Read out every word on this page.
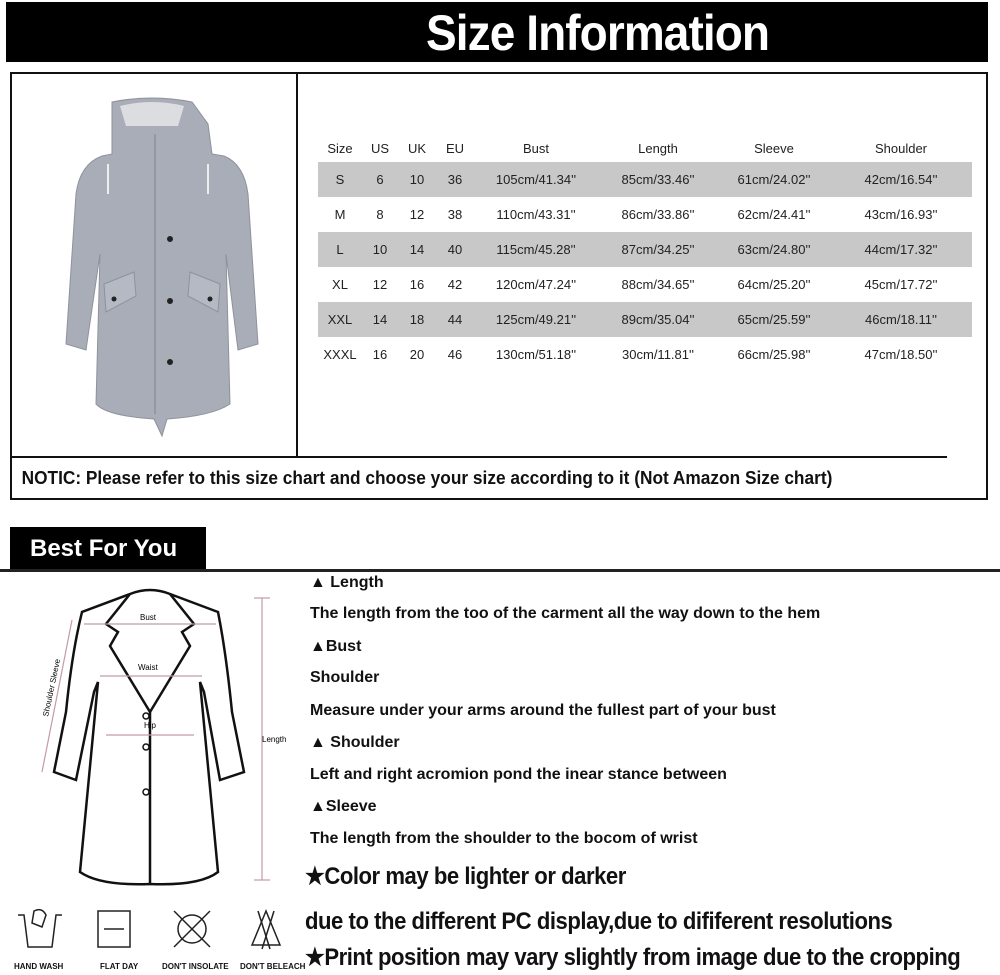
Size Information
Size	US	UK	EU	Bust	Length	Sleeve	Shoulder
S	6	10	36	105cm/41.34''	85cm/33.46''	61cm/24.02''	42cm/16.54''
M	8	12	38	110cm/43.31''	86cm/33.86''	62cm/24.41''	43cm/16.93''
L	10	14	40	115cm/45.28''	87cm/34.25''	63cm/24.80''	44cm/17.32''
XL	12	16	42	120cm/47.24''	88cm/34.65''	64cm/25.20''	45cm/17.72''
XXL	14	18	44	125cm/49.21''	89cm/35.04''	65cm/25.59''	46cm/18.11''
XXXL	16	20	46	130cm/51.18''	30cm/11.81''	66cm/25.98''	47cm/18.50''
NOTIC: Please refer to this size chart and choose your size according to it (Not Amazon Size chart)
Best For You
Bust
Waist
Hip
Length
Shoulder Sleeve
▲ Length
The length from the too of the carment all the way down to the hem
▲Bust
Shoulder
Measure under your arms around the fullest part of your bust
▲ Shoulder
Left and right acromion pond the inear stance between
▲Sleeve
The length from the shoulder to the bocom of wrist
★Color may be lighter or darker
due to the different PC display,due to dififerent resolutions
★Print position may vary slightly from image due to the cropping
HAND WASH	FLAT DAY	DON'T INSOLATE DON'T BELEACH
